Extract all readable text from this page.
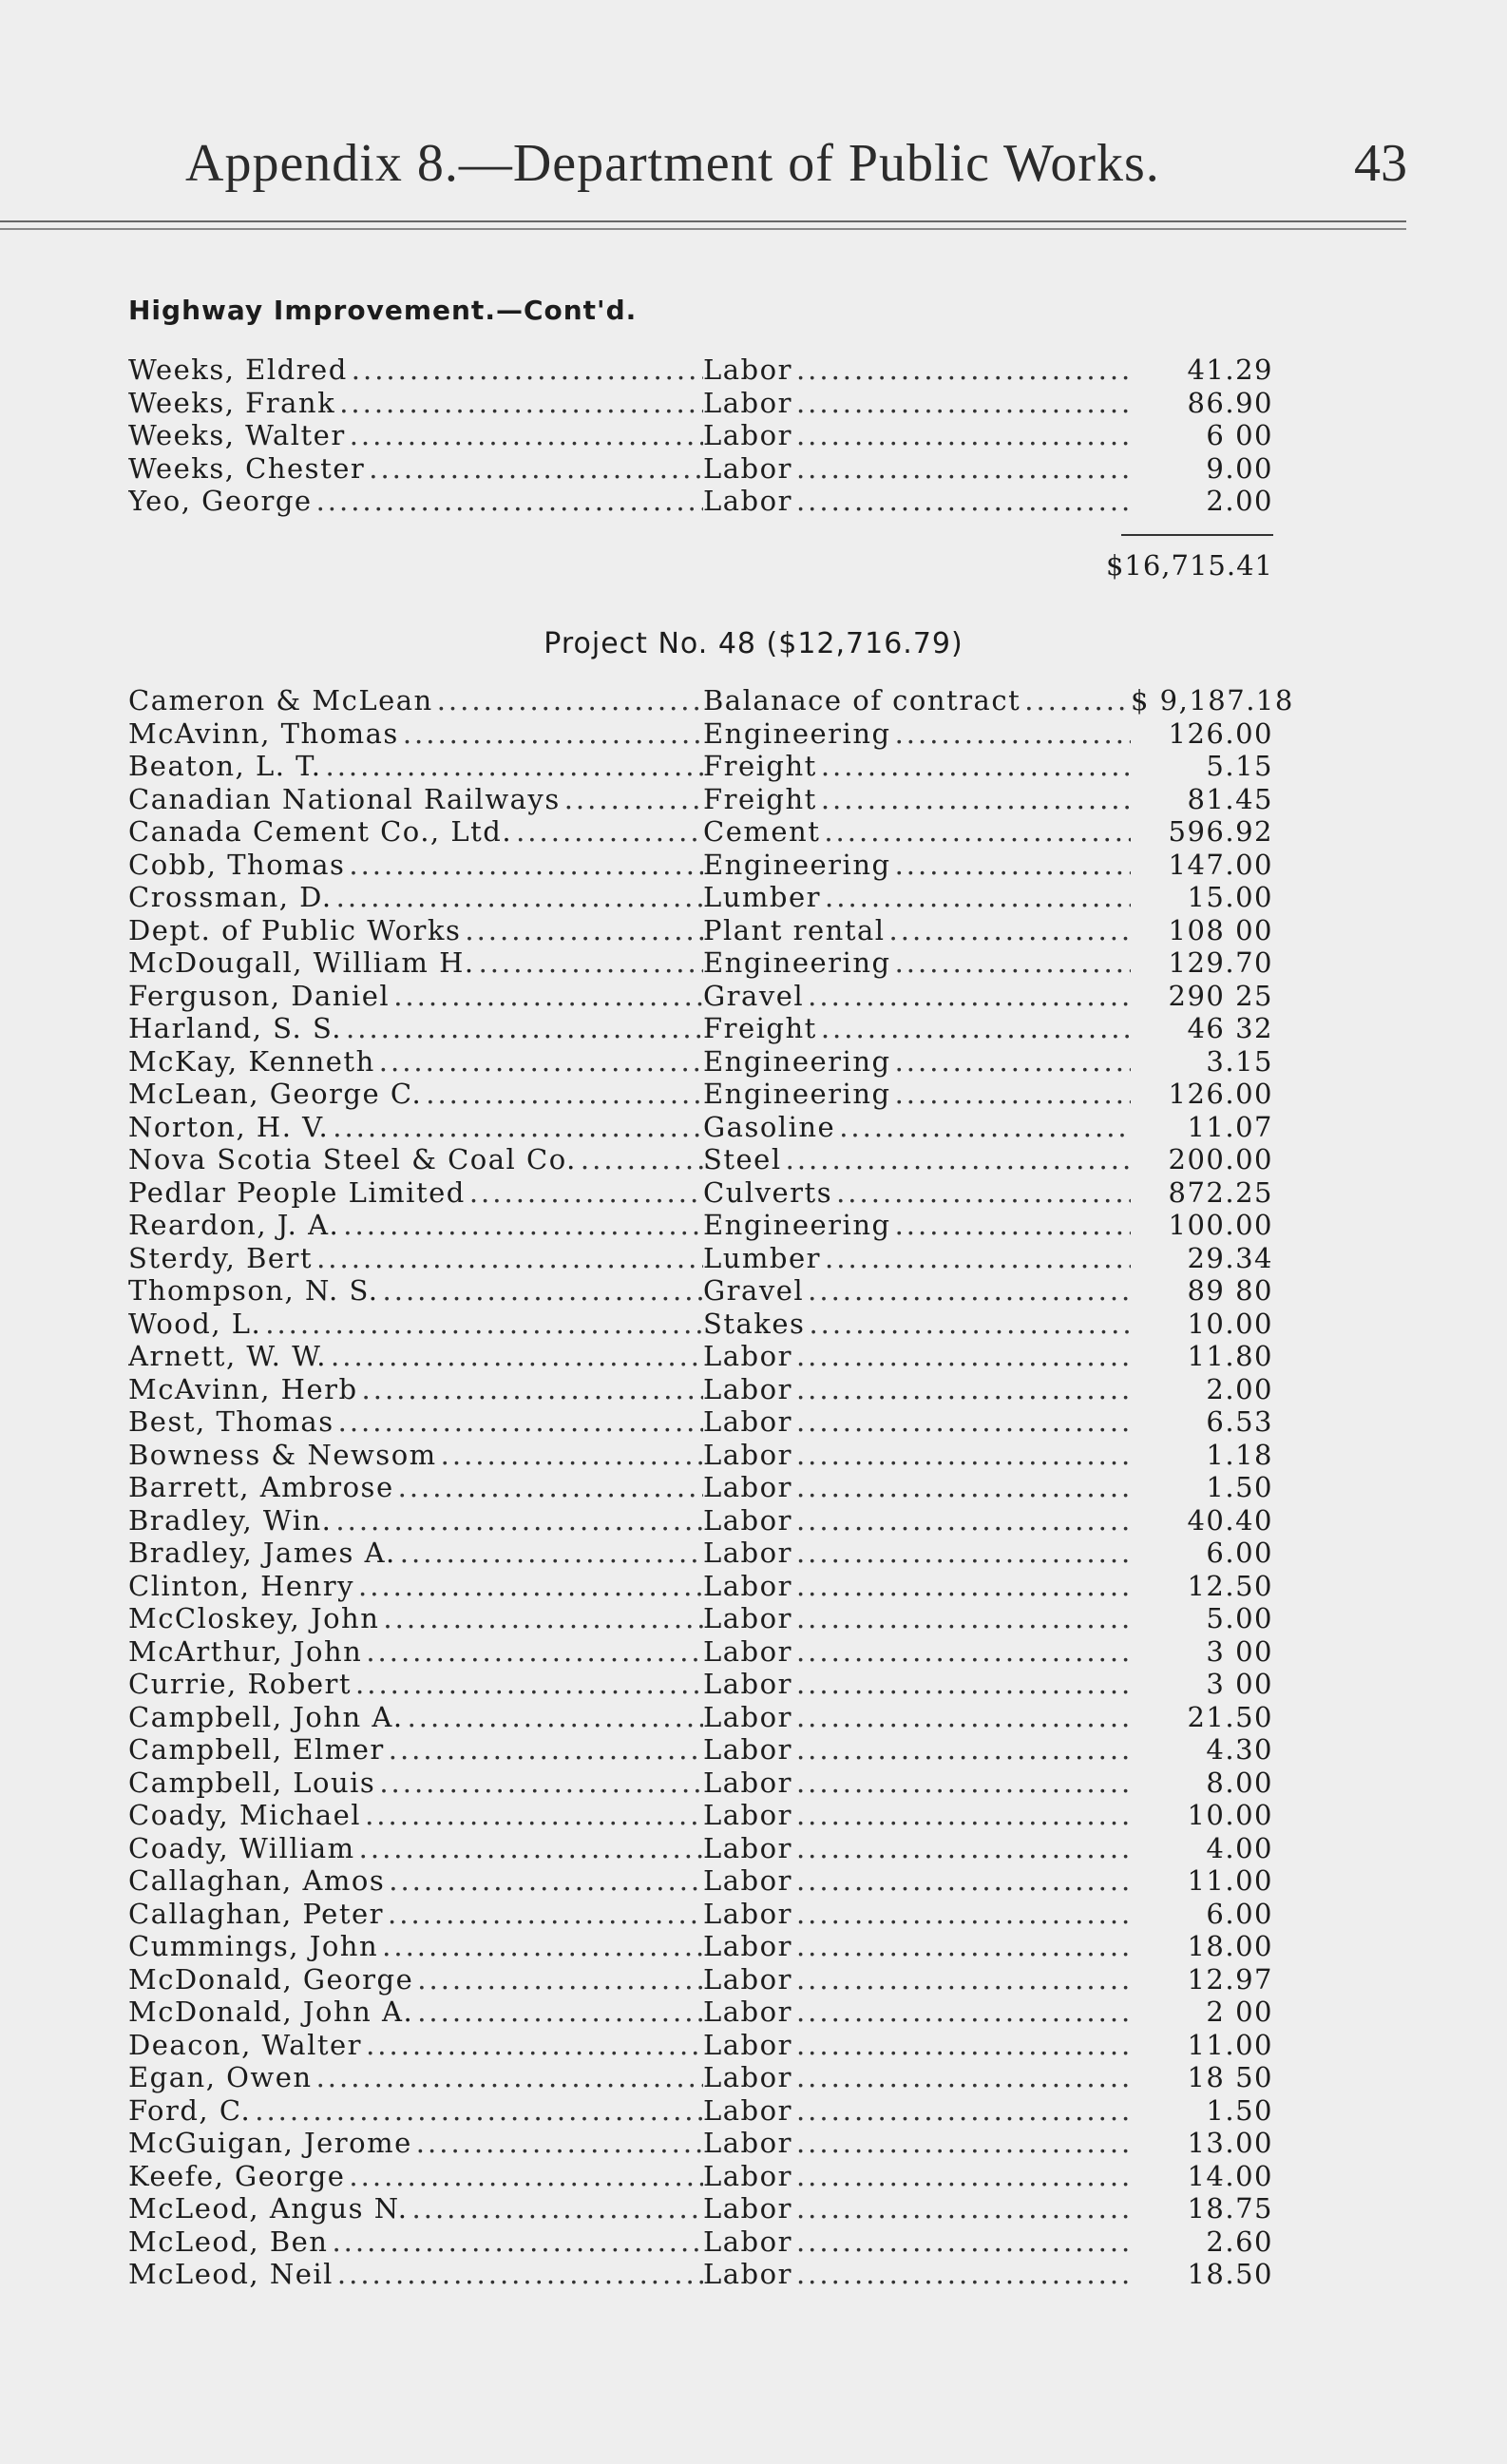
Appendix 8.—Department of Public Works.	43
Highway Improvement.—Cont'd.
Weeks, Eldred .....	Labor .....	41.29
Weeks, Frank .....	Labor .....	86.90
Weeks, Walter .....	Labor .....	6 00
Weeks, Chester .....	Labor .....	9.00
Yeo, George .....	Labor .....	2.00
$16,715.41
Project No. 48 ($12,716.79)
Cameron & McLean .....	Balanace of contract .....	$ 9,187.18
McAvinn, Thomas .....	Engineering .....	126.00
Beaton, L. T. .....	Freight .....	5.15
Canadian National Railways .....	Freight .....	81.45
Canada Cement Co., Ltd. .....	Cement .....	596.92
Cobb, Thomas .....	Engineering .....	147.00
Crossman, D. .....	Lumber .....	15.00
Dept. of Public Works .....	Plant rental .....	108 00
McDougall, William H. .....	Engineering .....	129.70
Ferguson, Daniel .....	Gravel .....	290 25
Harland, S. S. .....	Freight .....	46 32
McKay, Kenneth .....	Engineering .....	3.15
McLean, George C. .....	Engineering .....	126.00
Norton, H. V. .....	Gasoline .....	11.07
Nova Scotia Steel & Coal Co. .....	Steel .....	200.00
Pedlar People Limited .....	Culverts .....	872.25
Reardon, J. A. .....	Engineering .....	100.00
Sterdy, Bert .....	Lumber .....	29.34
Thompson, N. S. .....	Gravel .....	89 80
Wood, L. .....	Stakes .....	10.00
Arnett, W. W. .....	Labor .....	11.80
McAvinn, Herb .....	Labor .....	2.00
Best, Thomas .....	Labor .....	6.53
Bowness & Newsom .....	Labor .....	1.18
Barrett, Ambrose .....	Labor .....	1.50
Bradley, Win. .....	Labor .....	40.40
Bradley, James A. .....	Labor .....	6.00
Clinton, Henry .....	Labor .....	12.50
McCloskey, John .....	Labor .....	5.00
McArthur, John .....	Labor .....	3 00
Currie, Robert .....	Labor .....	3 00
Campbell, John A. .....	Labor .....	21.50
Campbell, Elmer .....	Labor .....	4.30
Campbell, Louis .....	Labor .....	8.00
Coady, Michael .....	Labor .....	10.00
Coady, William .....	Labor .....	4.00
Callaghan, Amos .....	Labor .....	11.00
Callaghan, Peter .....	Labor .....	6.00
Cummings, John .....	Labor .....	18.00
McDonald, George .....	Labor .....	12.97
McDonald, John A. .....	Labor .....	2 00
Deacon, Walter .....	Labor .....	11.00
Egan, Owen .....	Labor .....	18 50
Ford, C. .....	Labor .....	1.50
McGuigan, Jerome .....	Labor .....	13.00
Keefe, George .....	Labor .....	14.00
McLeod, Angus N. .....	Labor .....	18.75
McLeod, Ben .....	Labor .....	2.60
McLeod, Neil .....	Labor .....	18.50
